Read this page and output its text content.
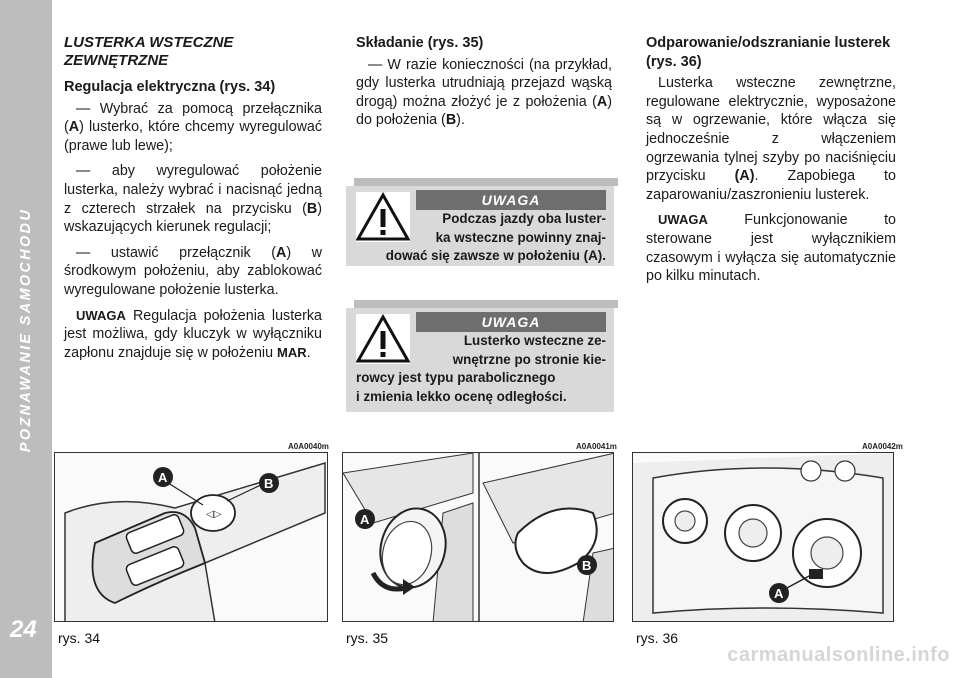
POZNAWANIE SAMOCHODU
24
LUSTERKA WSTECZNE ZEWNĘTRZNE
Regulacja elektryczna (rys. 34)

— Wybrać za pomocą przełącznika (A) lusterko, które chcemy wyregulować (prawe lub lewe);

— aby wyregulować położenie lusterka, należy wybrać i nacisnąć jedną z czterech strzałek na przycisku (B) wskazujących kierunek regulacji;

— ustawić przełącznik (A) w środkowym położeniu, aby zablokować wyregulowane położenie lusterka.

UWAGA Regulacja położenia lusterka jest możliwa, gdy kluczyk w wyłączniku zapłonu znajduje się w położeniu MAR.

Składanie (rys. 35)

— W razie konieczności (na przykład, gdy lusterka utrudniają przejazd wąską drogą) można złożyć je z położenia (A) do położenia (B).

UWAGA
Podczas jazdy oba luster-
ka wsteczne powinny znaj-
dować się zawsze w położeniu (A).
UWAGA
Lusterko wsteczne ze-
wnętrzne po stronie kie-
rowcy jest typu parabolicznego
i zmienia lekko ocenę odległości.
Odparowanie/odszranianie lusterek (rys. 36)

Lusterka wsteczne zewnętrzne, regulowane elektrycznie, wyposażone są w ogrzewanie, które włącza się jednocześnie z włączeniem ogrzewania tylnej szyby po naciśnięciu przycisku (A). Zapobiega to zaparowaniu/zaszronieniu lusterek.

UWAGA Funkcjonowanie to sterowane jest wyłącznikiem czasowym i wyłącza się automatycznie po kilku minutach.

A0A0040m	A0A0041m	A0A0042m
◁▷
A	B
A
B
A
rys. 34	rys. 35	rys. 36
carmanualsonline.info
